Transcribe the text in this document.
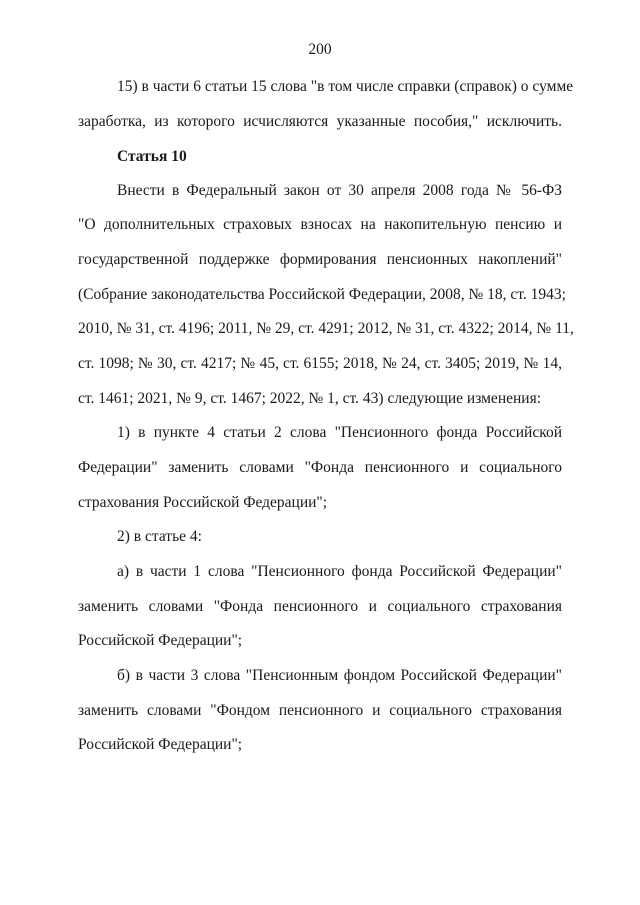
200
15) в части 6 статьи 15 слова "в том числе справки (справок) о сумме
заработка, из которого исчисляются указанные пособия," исключить.
Статья 10
Внести в Федеральный закон от 30 апреля 2008 года № 56-ФЗ
"О дополнительных страховых взносах на накопительную пенсию и
государственной поддержке формирования пенсионных накоплений"
(Собрание законодательства Российской Федерации, 2008, № 18, ст. 1943;
2010, № 31, ст. 4196; 2011, № 29, ст. 4291; 2012, № 31, ст. 4322; 2014, № 11,
ст. 1098; № 30, ст. 4217; № 45, ст. 6155; 2018, № 24, ст. 3405; 2019, № 14,
ст. 1461; 2021, № 9, ст. 1467; 2022, № 1, ст. 43) следующие изменения:
1) в пункте 4 статьи 2 слова "Пенсионного фонда Российской
Федерации" заменить словами "Фонда пенсионного и социального
страхования Российской Федерации";
2) в статье 4:
а) в части 1 слова "Пенсионного фонда Российской Федерации"
заменить словами "Фонда пенсионного и социального страхования
Российской Федерации";
б) в части 3 слова "Пенсионным фондом Российской Федерации"
заменить словами "Фондом пенсионного и социального страхования
Российской Федерации";
